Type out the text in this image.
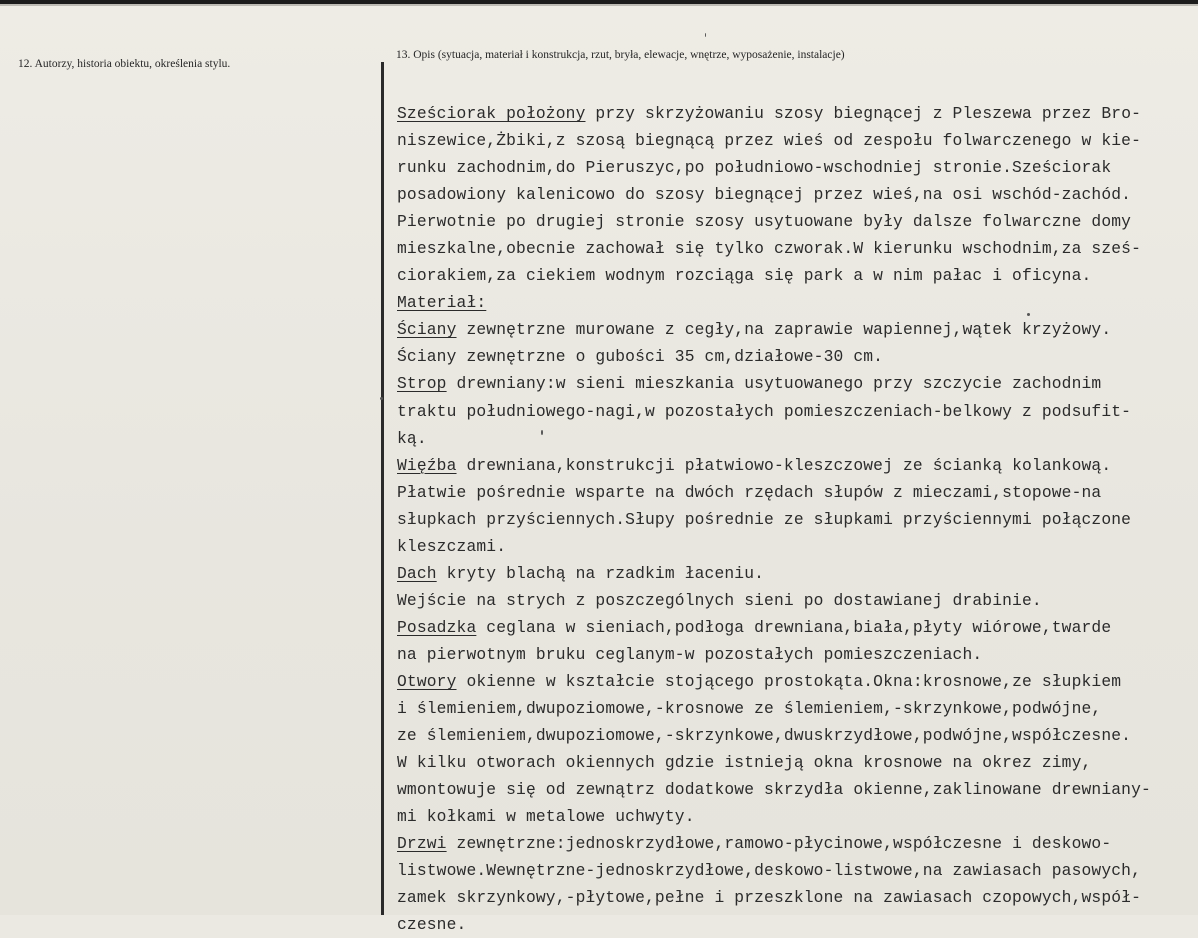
12. Autorzy, historia obiektu, określenia stylu.
13. Opis (sytuacja, materiał i konstrukcja, rzut, bryła, elewacje, wnętrze, wyposażenie, instalacje)
Sześciorak położony przy skrzyżowaniu szosy biegnącej z Pleszewa przez Bro-
niszewice,Żbiki,z szosą biegnącą przez wieś od zespołu folwarczenego w kie-
runku zachodnim,do Pieruszyc,po południowo-wschodniej stronie.Sześciorak
posadowiony kalenicowo do szosy biegnącej przez wieś,na osi wschód-zachód.
Pierwotnie po drugiej stronie szosy usytuowane były dalsze folwarczne domy
mieszkalne,obecnie zachował się tylko czworak.W kierunku wschodnim,za sześ-
ciorakiem,za ciekiem wodnym rozciąga się park a w nim pałac i oficyna.
Materiał:
Ściany zewnętrzne murowane z cegły,na zaprawie wapiennej,wątek krzyżowy.
Ściany zewnętrzne o gubości 35 cm,działowe-30 cm.
Strop drewniany:w sieni mieszkania usytuowanego przy szczycie zachodnim
traktu południowego-nagi,w pozostałych pomieszczeniach-belkowy z podsufit-
ką.
Więźba drewniana,konstrukcji płatwiowo-kleszczowej ze ścianką kolankową.
Płatwie pośrednie wsparte na dwóch rzędach słupów z mieczami,stopowe-na
słupkach przyściennych.Słupy pośrednie ze słupkami przyściennymi połączone
kleszczami.
Dach kryty blachą na rzadkim łaceniu.
Wejście na strych z poszczególnych sieni po dostawianej drabinie.
Posadzka ceglana w sieniach,podłoga drewniana,biała,płyty wiórowe,twarde
na pierwotnym bruku ceglanym-w pozostałych pomieszczeniach.
Otwory okienne w kształcie stojącego prostokąta.Okna:krosnowe,ze słupkiem
i ślemieniem,dwupoziomowe,-krosnowe ze ślemieniem,-skrzynkowe,podwójne,
ze ślemieniem,dwupoziomowe,-skrzynkowe,dwuskrzydłowe,podwójne,współczesne.
W kilku otworach okiennych gdzie istnieją okna krosnowe na okrez zimy,
wmontowuje się od zewnątrz dodatkowe skrzydła okienne,zaklinowane drewniany-
mi kołkami w metalowe uchwyty.
Drzwi zewnętrzne:jednoskrzydłowe,ramowo-płycinowe,współczesne i deskowo-
listwowe.Wewnętrzne-jednoskrzydłowe,deskowo-listwowe,na zawiasach pasowych,
zamek skrzynkowy,-płytowe,pełne i przeszklone na zawiasach czopowych,współ-
czesne.
